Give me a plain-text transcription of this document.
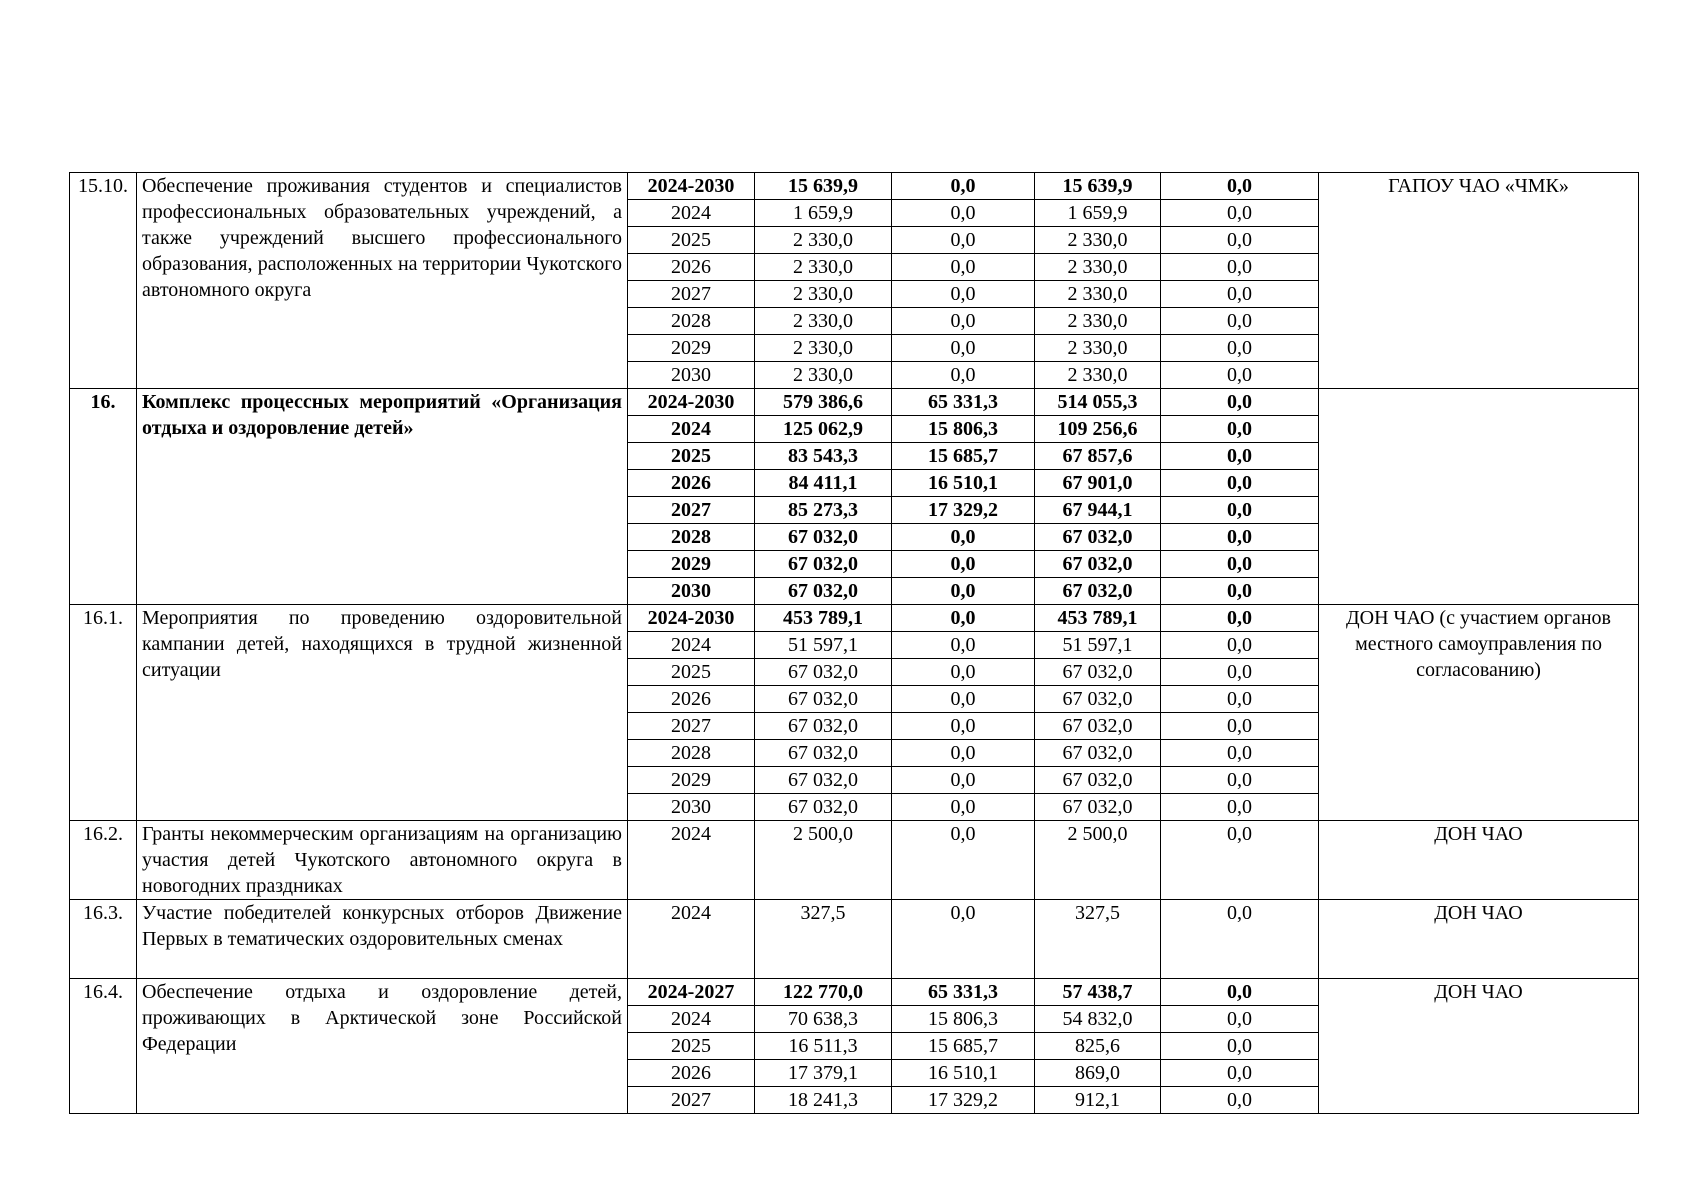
15.10.	Обеспечение проживания студентов и специалистов профессиональных образовательных учреждений, а также учреждений высшего профессионального образования, расположенных на территории Чукотского автономного округа	2024-2030	15 639,9	0,0	15 639,9	0,0	ГАПОУ ЧАО «ЧМК»
		2024	1 659,9	0,0	1 659,9	0,0	
		2025	2 330,0	0,0	2 330,0	0,0	
		2026	2 330,0	0,0	2 330,0	0,0	
		2027	2 330,0	0,0	2 330,0	0,0	
		2028	2 330,0	0,0	2 330,0	0,0	
		2029	2 330,0	0,0	2 330,0	0,0	
		2030	2 330,0	0,0	2 330,0	0,0	
16.	Комплекс процессных мероприятий «Организация отдыха и оздоровление детей»	2024-2030	579 386,6	65 331,3	514 055,3	0,0	
		2024	125 062,9	15 806,3	109 256,6	0,0	
		2025	83 543,3	15 685,7	67 857,6	0,0	
		2026	84 411,1	16 510,1	67 901,0	0,0	
		2027	85 273,3	17 329,2	67 944,1	0,0	
		2028	67 032,0	0,0	67 032,0	0,0	
		2029	67 032,0	0,0	67 032,0	0,0	
		2030	67 032,0	0,0	67 032,0	0,0	
16.1.	Мероприятия по проведению оздоровительной кампании детей, находящихся в трудной жизненной ситуации	2024-2030	453 789,1	0,0	453 789,1	0,0	ДОН ЧАО (с участием органов местного самоуправления по согласованию)
		2024	51 597,1	0,0	51 597,1	0,0	
		2025	67 032,0	0,0	67 032,0	0,0	
		2026	67 032,0	0,0	67 032,0	0,0	
		2027	67 032,0	0,0	67 032,0	0,0	
		2028	67 032,0	0,0	67 032,0	0,0	
		2029	67 032,0	0,0	67 032,0	0,0	
		2030	67 032,0	0,0	67 032,0	0,0	
16.2.	Гранты некоммерческим организациям на организацию участия детей Чукотского автономного округа в новогодних праздниках	2024	2 500,0	0,0	2 500,0	0,0	ДОН ЧАО
16.3.	Участие победителей конкурсных отборов Движение Первых в тематических оздоровительных сменах	2024	327,5	0,0	327,5	0,0	ДОН ЧАО
16.4.	Обеспечение отдыха и оздоровление детей, проживающих в Арктической зоне Российской Федерации	2024-2027	122 770,0	65 331,3	57 438,7	0,0	ДОН ЧАО
		2024	70 638,3	15 806,3	54 832,0	0,0	
		2025	16 511,3	15 685,7	825,6	0,0	
		2026	17 379,1	16 510,1	869,0	0,0	
		2027	18 241,3	17 329,2	912,1	0,0	
